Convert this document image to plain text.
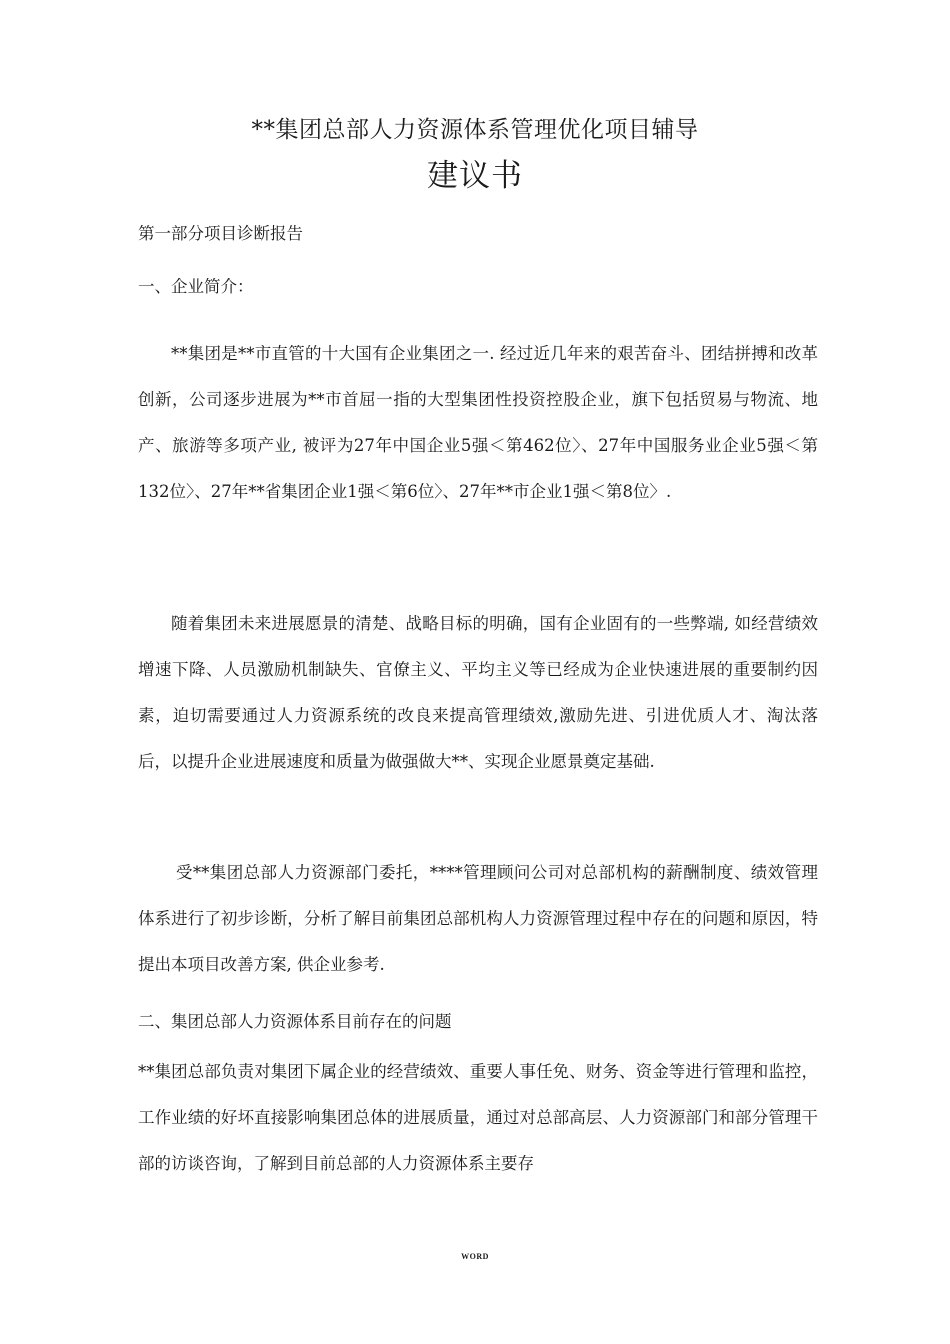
**集团总部人力资源体系管理优化项目辅导
建议书

第一部分项目诊断报告

一、企业简介：

**集团是**市直管的十大国有企业集团之一. 经过近几年来的艰苦奋斗、团结拼搏和改革创新，公司逐步进展为**市首屈一指的大型集团性投资控股企业，旗下包括贸易与物流、地产、旅游等多项产业, 被评为27年中国企业5强＜第462位〉、27年中国服务业企业5强＜第132位〉、27年**省集团企业1强＜第6位〉、27年**市企业1强＜第8位〉.

随着集团未来进展愿景的清楚、战略目标的明确，国有企业固有的一些弊端, 如经营绩效增速下降、人员激励机制缺失、官僚主义、平均主义等已经成为企业快速进展的重要制约因素，迫切需要通过人力资源系统的改良来提高管理绩效,激励先进、引进优质人才、淘汰落后，以提升企业进展速度和质量为做强做大**、实现企业愿景奠定基础.

受**集团总部人力资源部门委托，****管理顾问公司对总部机构的薪酬制度、绩效管理体系进行了初步诊断，分析了解目前集团总部机构人力资源管理过程中存在的问题和原因，特提出本项目改善方案, 供企业参考.

二、集团总部人力资源体系目前存在的问题

**集团总部负责对集团下属企业的经营绩效、重要人事任免、财务、资金等进行管理和监控，工作业绩的好坏直接影响集团总体的进展质量，通过对总部高层、人力资源部门和部分管理干部的访谈咨询，了解到目前总部的人力资源体系主要存

WORD
